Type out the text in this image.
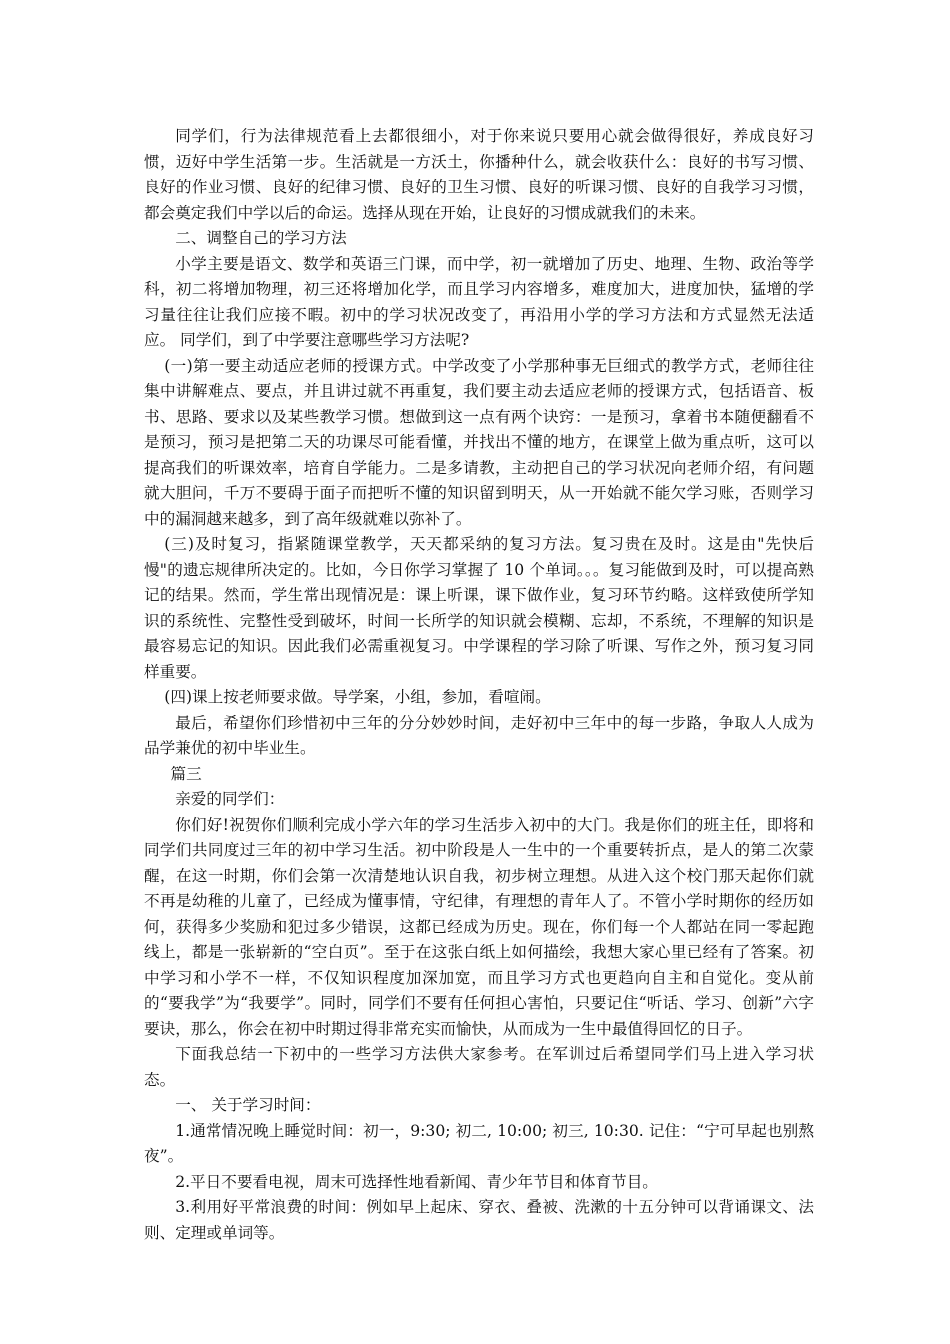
同学们，行为法律规范看上去都很细小，对于你来说只要用心就会做得很好，养成良好习惯，迈好中学生活第一步。生活就是一方沃土，你播种什么，就会收获什么：良好的书写习惯、良好的作业习惯、良好的纪律习惯、良好的卫生习惯、良好的听课习惯、良好的自我学习习惯，都会奠定我们中学以后的命运。选择从现在开始，让良好的习惯成就我们的未来。

二、调整自己的学习方法

小学主要是语文、数学和英语三门课，而中学，初一就增加了历史、地理、生物、政治等学科，初二将增加物理，初三还将增加化学，而且学习内容增多，难度加大，进度加快，猛增的学习量往往让我们应接不暇。初中的学习状况改变了，再沿用小学的学习方法和方式显然无法适应。 同学们，到了中学要注意哪些学习方法呢?

(一)第一要主动适应老师的授课方式。中学改变了小学那种事无巨细式的教学方式，老师往往集中讲解难点、要点，并且讲过就不再重复，我们要主动去适应老师的授课方式，包括语音、板书、思路、要求以及某些教学习惯。想做到这一点有两个诀窍：一是预习，拿着书本随便翻看不是预习，预习是把第二天的功课尽可能看懂，并找出不懂的地方，在课堂上做为重点听，这可以提高我们的听课效率，培育自学能力。二是多请教，主动把自己的学习状况向老师介绍，有问题就大胆问，千万不要碍于面子而把听不懂的知识留到明天，从一开始就不能欠学习账，否则学习中的漏洞越来越多，到了高年级就难以弥补了。

(三)及时复习，指紧随课堂教学，天天都采纳的复习方法。复习贵在及时。这是由"先快后慢"的遗忘规律所决定的。比如，今日你学习掌握了 10 个单词。。。复习能做到及时，可以提高熟记的结果。然而，学生常出现情况是：课上听课，课下做作业，复习环节约略。这样致使所学知识的系统性、完整性受到破坏，时间一长所学的知识就会模糊、忘却，不系统，不理解的知识是最容易忘记的知识。因此我们必需重视复习。中学课程的学习除了听课、写作之外，预习复习同样重要。

(四)课上按老师要求做。导学案，小组，参加，看喧闹。

最后，希望你们珍惜初中三年的分分妙妙时间，走好初中三年中的每一步路，争取人人成为品学兼优的初中毕业生。

篇三

亲爱的同学们：

你们好!祝贺你们顺利完成小学六年的学习生活步入初中的大门。我是你们的班主任，即将和同学们共同度过三年的初中学习生活。初中阶段是人一生中的一个重要转折点，是人的第二次蒙醒，在这一时期，你们会第一次清楚地认识自我，初步树立理想。从进入这个校门那天起你们就不再是幼稚的儿童了，已经成为懂事情，守纪律，有理想的青年人了。不管小学时期你的经历如何，获得多少奖励和犯过多少错误，这都已经成为历史。现在，你们每一个人都站在同一零起跑线上，都是一张崭新的“空白页”。至于在这张白纸上如何描绘，我想大家心里已经有了答案。初中学习和小学不一样，不仅知识程度加深加宽，而且学习方式也更趋向自主和自觉化。变从前的“要我学”为“我要学”。同时，同学们不要有任何担心害怕，只要记住“听话、学习、创新”六字要诀，那么，你会在初中时期过得非常充实而愉快，从而成为一生中最值得回忆的日子。

下面我总结一下初中的一些学习方法供大家参考。在军训过后希望同学们马上进入学习状态。

一、 关于学习时间：

1.通常情况晚上睡觉时间：初一，9:30; 初二, 10:00; 初三, 10:30. 记住：“宁可早起也别熬夜”。

2.平日不要看电视，周末可选择性地看新闻、青少年节目和体育节目。

3.利用好平常浪费的时间：例如早上起床、穿衣、叠被、洗漱的十五分钟可以背诵课文、法则、定理或单词等。
